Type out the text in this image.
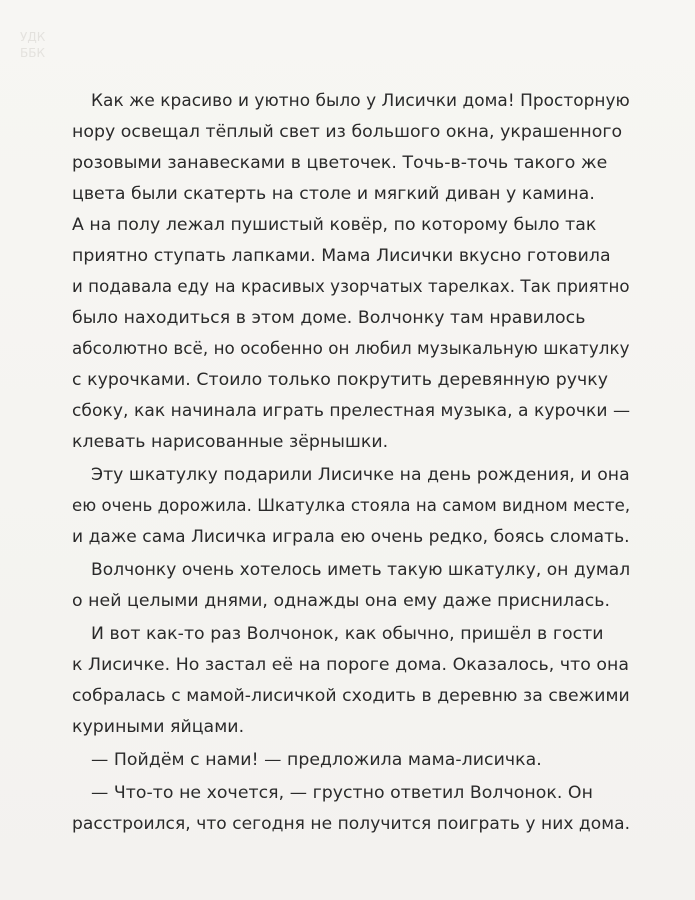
УДК
ББК

Как же красиво и уютно было у Лисички дома! Просторную
нору освещал тёплый свет из большого окна, украшенного
розовыми занавесками в цветочек. Точь-в-точь такого же
цвета были скатерть на столе и мягкий диван у камина.
А на полу лежал пушистый ковёр, по которому было так
приятно ступать лапками. Мама Лисички вкусно готовила
и подавала еду на красивых узорчатых тарелках. Так приятно
было находиться в этом доме. Волчонку там нравилось
абсолютно всё, но особенно он любил музыкальную шкатулку
с курочками. Стоило только покрутить деревянную ручку
сбоку, как начинала играть прелестная музыка, а курочки —
клевать нарисованные зёрнышки.
Эту шкатулку подарили Лисичке на день рождения, и она
ею очень дорожила. Шкатулка стояла на самом видном месте,
и даже сама Лисичка играла ею очень редко, боясь сломать.
Волчонку очень хотелось иметь такую шкатулку, он думал
о ней целыми днями, однажды она ему даже приснилась.
И вот как-то раз Волчонок, как обычно, пришёл в гости
к Лисичке. Но застал её на пороге дома. Оказалось, что она
собралась с мамой-лисичкой сходить в деревню за свежими
куриными яйцами.
— Пойдём с нами! — предложила мама-лисичка.
— Что-то не хочется, — грустно ответил Волчонок. Он
расстроился, что сегодня не получится поиграть у них дома.
